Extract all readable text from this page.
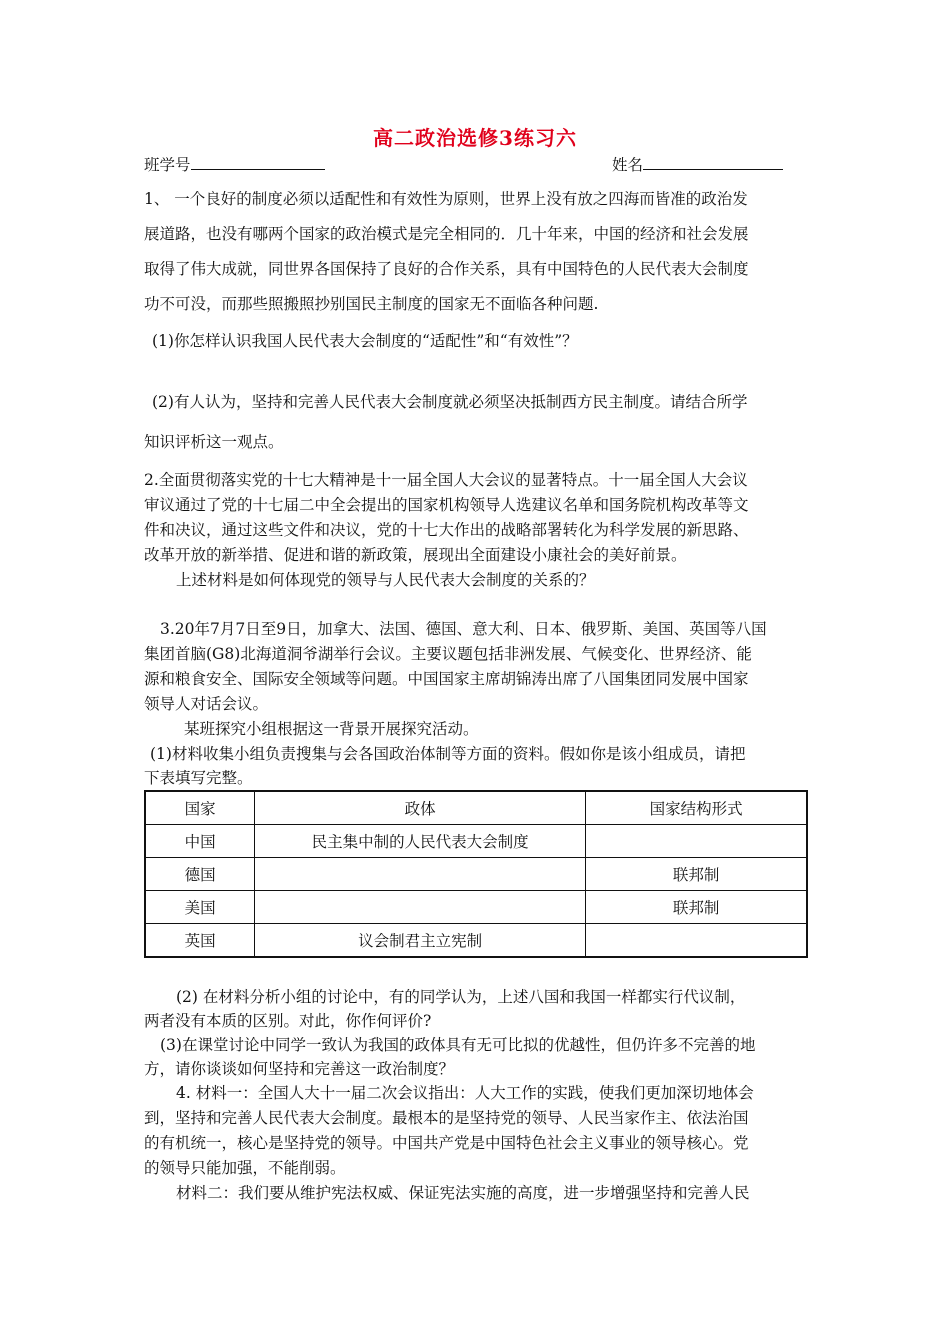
高二政治选修3练习六
班学号	姓名
1、 一个良好的制度必须以适配性和有效性为原则，世界上没有放之四海而皆准的政治发
展道路，也没有哪两个国家的政治模式是完全相同的．几十年来，中国的经济和社会发展
取得了伟大成就，同世界各国保持了良好的合作关系，具有中国特色的人民代表大会制度
功不可没，而那些照搬照抄别国民主制度的国家无不面临各种问题.
(1)你怎样认识我国人民代表大会制度的“适配性”和“有效性”？
(2)有人认为，坚持和完善人民代表大会制度就必须坚决抵制西方民主制度。请结合所学
知识评析这一观点。
2.全面贯彻落实党的十七大精神是十一届全国人大会议的显著特点。十一届全国人大会议
审议通过了党的十七届二中全会提出的国家机构领导人选建议名单和国务院机构改革等文
件和决议，通过这些文件和决议，党的十七大作出的战略部署转化为科学发展的新思路、
改革开放的新举措、促进和谐的新政策，展现出全面建设小康社会的美好前景。
上述材料是如何体现党的领导与人民代表大会制度的关系的？
3.20年7月7日至9日，加拿大、法国、德国、意大利、日本、俄罗斯、美国、英国等八国
集团首脑(G8)北海道洞爷湖举行会议。主要议题包括非洲发展、气候变化、世界经济、能
源和粮食安全、国际安全领域等问题。中国国家主席胡锦涛出席了八国集团同发展中国家
领导人对话会议。
某班探究小组根据这一背景开展探究活动。
(1)材料收集小组负责搜集与会各国政治体制等方面的资料。假如你是该小组成员，请把
下表填写完整。
国家	政体	国家结构形式
中国	民主集中制的人民代表大会制度	
德国		联邦制
美国		联邦制
英国	议会制君主立宪制	
(2) 在材料分析小组的讨论中，有的同学认为，上述八国和我国一样都实行代议制，
两者没有本质的区别。对此，你作何评价?
(3)在课堂讨论中同学一致认为我国的政体具有无可比拟的优越性，但仍许多不完善的地
方，请你谈谈如何坚持和完善这一政治制度？
4. 材料一：全国人大十一届二次会议指出：人大工作的实践，使我们更加深切地体会
到，坚持和完善人民代表大会制度。最根本的是坚持党的领导、人民当家作主、依法治国
的有机统一，核心是坚持党的领导。中国共产党是中国特色社会主义事业的领导核心。党
的领导只能加强，不能削弱。
材料二：我们要从维护宪法权威、保证宪法实施的高度，进一步增强坚持和完善人民
